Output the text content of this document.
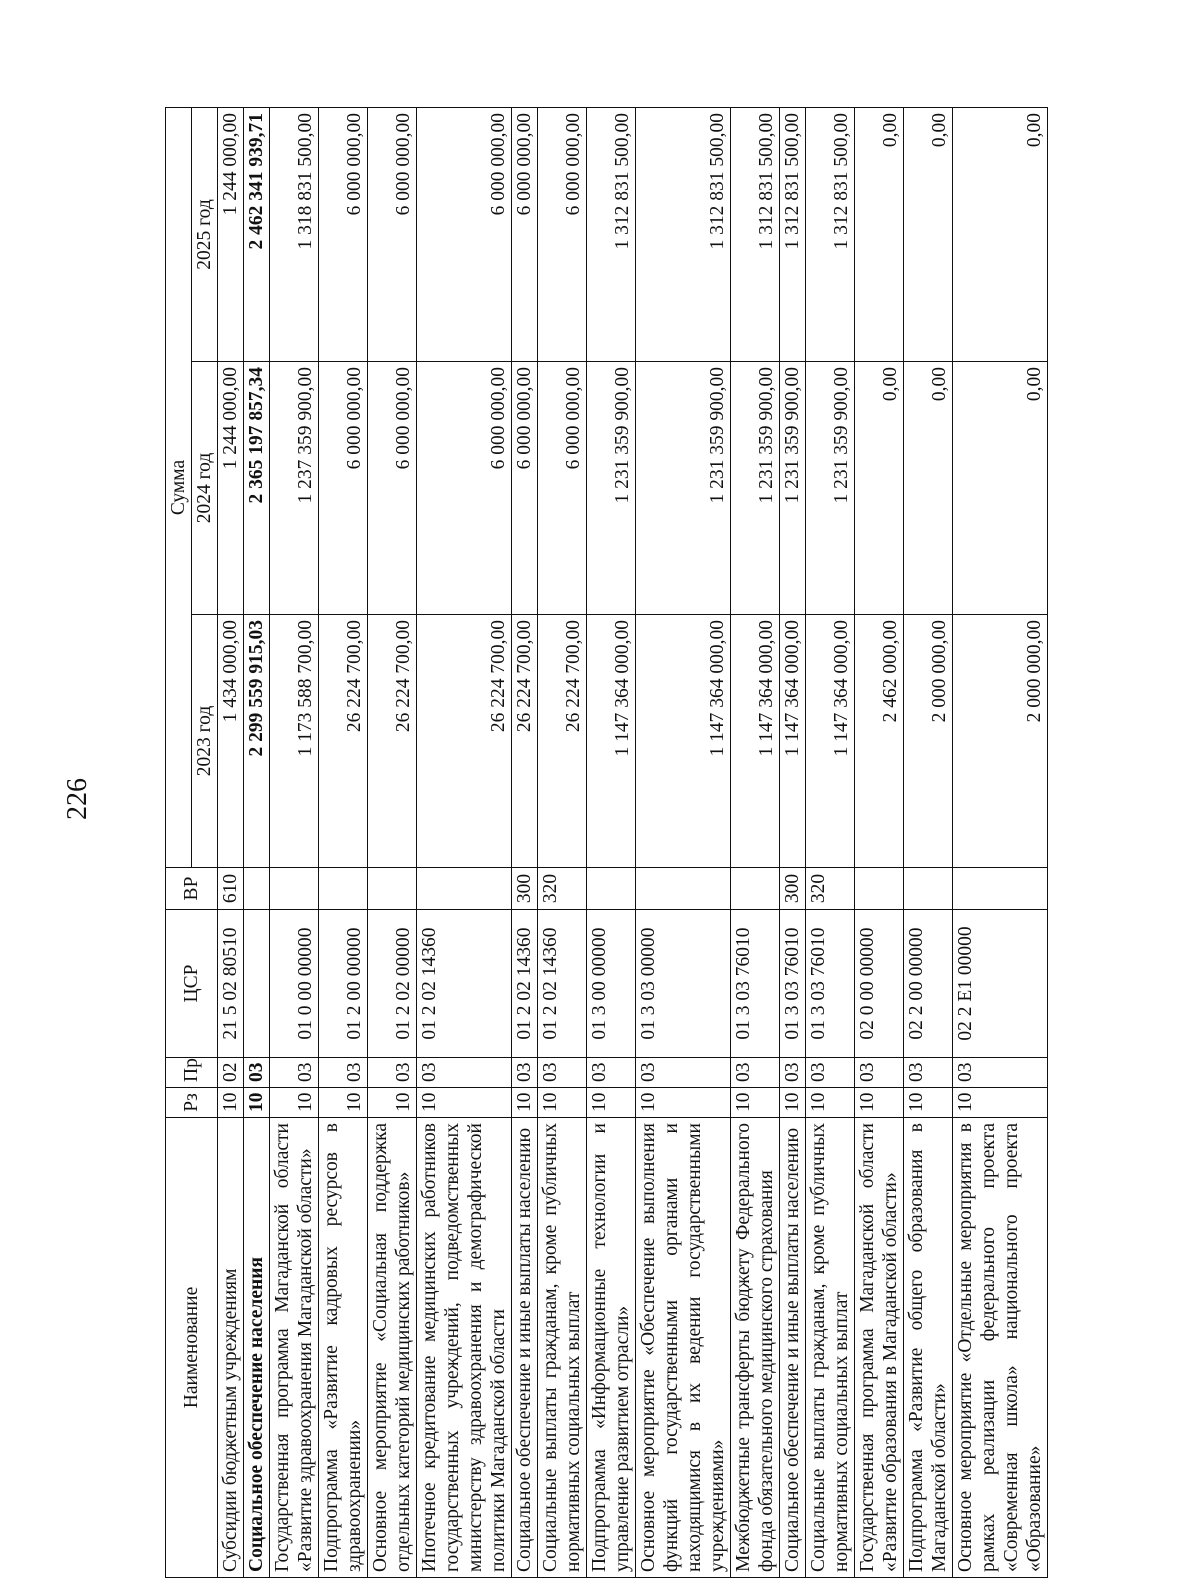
226
Наименование	Рз	Пр	ЦСР	ВР	Сумма		
					2023 год	2024 год	2025 год
Субсидии бюджетным учреждениям	10	02	21 5 02 80510	610	1 434 000,00	1 244 000,00	1 244 000,00
Социальное обеспечение населения	10	03			2 299 559 915,03	2 365 197 857,34	2 462 341 939,71
Государственная программа Магаданской области «Развитие здравоохранения Магаданской области»	10	03	01 0 00 00000		1 173 588 700,00	1 237 359 900,00	1 318 831 500,00
Подпрограмма «Развитие кадровых ресурсов в здравоохранении»	10	03	01 2 00 00000		26 224 700,00	6 000 000,00	6 000 000,00
Основное мероприятие «Социальная поддержка отдельных категорий медицинских работников»	10	03	01 2 02 00000		26 224 700,00	6 000 000,00	6 000 000,00
Ипотечное кредитование медицинских работников государственных учреждений, подведомственных министерству здравоохранения и демографической политики Магаданской области	10	03	01 2 02 14360		26 224 700,00	6 000 000,00	6 000 000,00
Социальное обеспечение и иные выплаты населению	10	03	01 2 02 14360	300	26 224 700,00	6 000 000,00	6 000 000,00
Социальные выплаты гражданам, кроме публичных нормативных социальных выплат	10	03	01 2 02 14360	320	26 224 700,00	6 000 000,00	6 000 000,00
Подпрограмма «Информационные технологии и управление развитием отрасли»	10	03	01 3 00 00000		1 147 364 000,00	1 231 359 900,00	1 312 831 500,00
Основное мероприятие «Обеспечение выполнения функций государственными органами и находящимися в их ведении государственными учреждениями»	10	03	01 3 03 00000		1 147 364 000,00	1 231 359 900,00	1 312 831 500,00
Межбюджетные трансферты бюджету Федерального фонда обязательного медицинского страхования	10	03	01 3 03 76010		1 147 364 000,00	1 231 359 900,00	1 312 831 500,00
Социальное обеспечение и иные выплаты населению	10	03	01 3 03 76010	300	1 147 364 000,00	1 231 359 900,00	1 312 831 500,00
Социальные выплаты гражданам, кроме публичных нормативных социальных выплат	10	03	01 3 03 76010	320	1 147 364 000,00	1 231 359 900,00	1 312 831 500,00
Государственная программа Магаданской области «Развитие образования в Магаданской области»	10	03	02 0 00 00000		2 462 000,00	0,00	0,00
Подпрограмма «Развитие общего образования в Магаданской области»	10	03	02 2 00 00000		2 000 000,00	0,00	0,00
Основное мероприятие «Отдельные мероприятия в рамках реализации федерального проекта «Современная школа» национального проекта «Образование»	10	03	02 2 E1 00000		2 000 000,00	0,00	0,00
